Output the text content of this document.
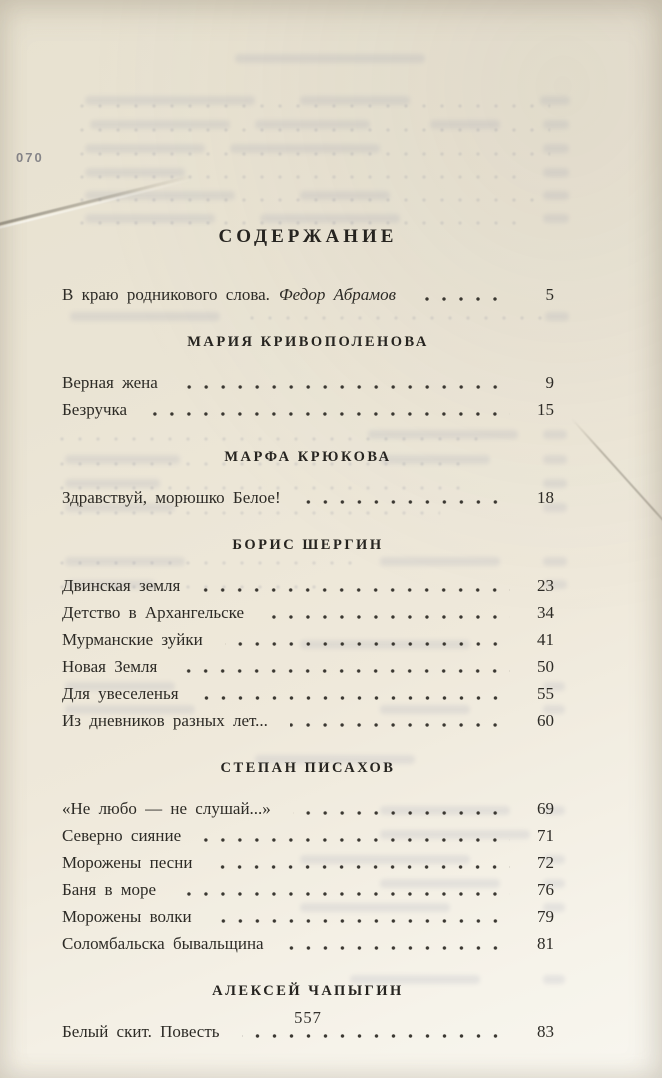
070
СОДЕРЖАНИЕ
В краю родникового слова. Федор Абрамов	5
МАРИЯ КРИВОПОЛЕНОВА
Верная жена	9
Безручка	15
МАРФА КРЮКОВА
Здравствуй, морюшко Белое!	18
БОРИС ШЕРГИН
Двинская земля	23
Детство в Архангельске	34
Мурманские зуйки	41
Новая Земля	50
Для увеселенья	55
Из дневников разных лет...	60
СТЕПАН ПИСАХОВ
«Не любо — не слушай...»	69
Северно сияние	71
Морожены песни	72
Баня в море	76
Морожены волки	79
Соломбальска бывальщина	81
АЛЕКСЕЙ ЧАПЫГИН
Белый скит. Повесть	83
557
